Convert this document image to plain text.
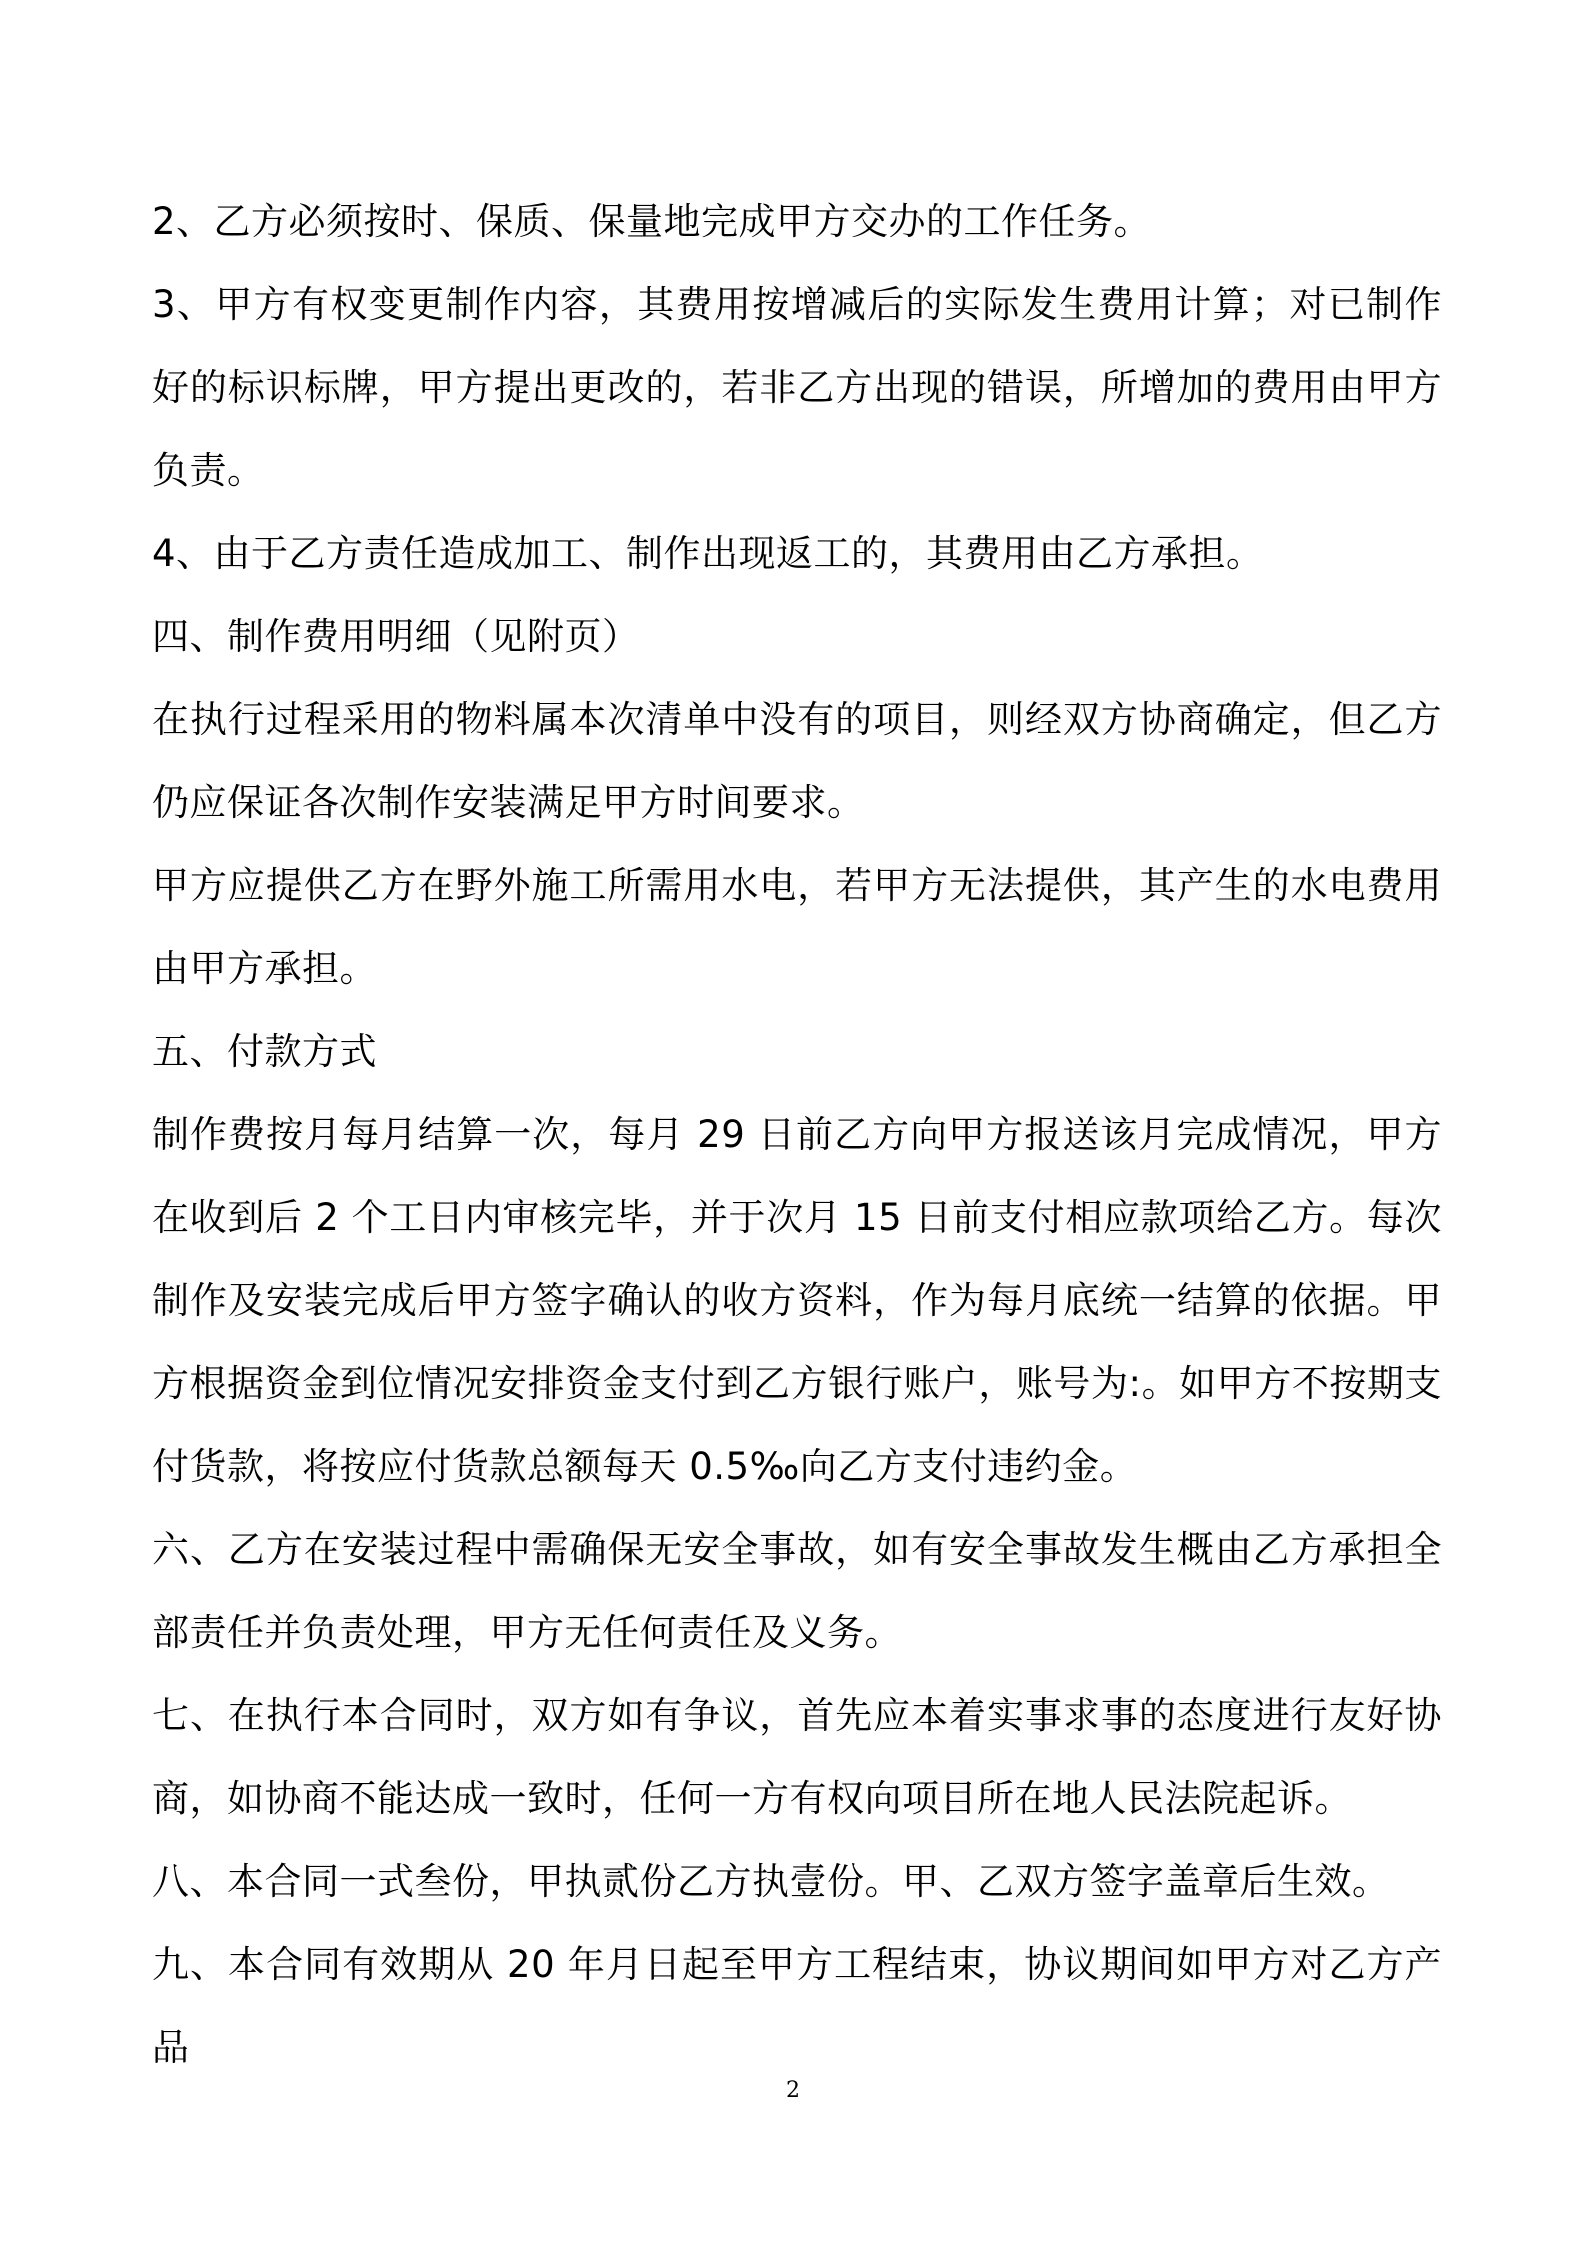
2、乙方必须按时、保质、保量地完成甲方交办的工作任务。

3、甲方有权变更制作内容，其费用按增减后的实际发生费用计算；对已制作好的标识标牌，甲方提出更改的，若非乙方出现的错误，所增加的费用由甲方负责。

4、由于乙方责任造成加工、制作出现返工的，其费用由乙方承担。

四、制作费用明细（见附页）

在执行过程采用的物料属本次清单中没有的项目，则经双方协商确定，但乙方仍应保证各次制作安装满足甲方时间要求。

甲方应提供乙方在野外施工所需用水电，若甲方无法提供，其产生的水电费用由甲方承担。

五、付款方式

制作费按月每月结算一次，每月 29 日前乙方向甲方报送该月完成情况，甲方在收到后 2 个工日内审核完毕，并于次月 15 日前支付相应款项给乙方。每次制作及安装完成后甲方签字确认的收方资料，作为每月底统一结算的依据。甲方根据资金到位情况安排资金支付到乙方银行账户，账号为:。如甲方不按期支付货款，将按应付货款总额每天 0.5‰向乙方支付违约金。

六、乙方在安装过程中需确保无安全事故，如有安全事故发生概由乙方承担全部责任并负责处理，甲方无任何责任及义务。

七、在执行本合同时，双方如有争议，首先应本着实事求事的态度进行友好协商，如协商不能达成一致时，任何一方有权向项目所在地人民法院起诉。

八、本合同一式叁份，甲执贰份乙方执壹份。甲、乙双方签字盖章后生效。

九、本合同有效期从 20 年月日起至甲方工程结束，协议期间如甲方对乙方产品

2
